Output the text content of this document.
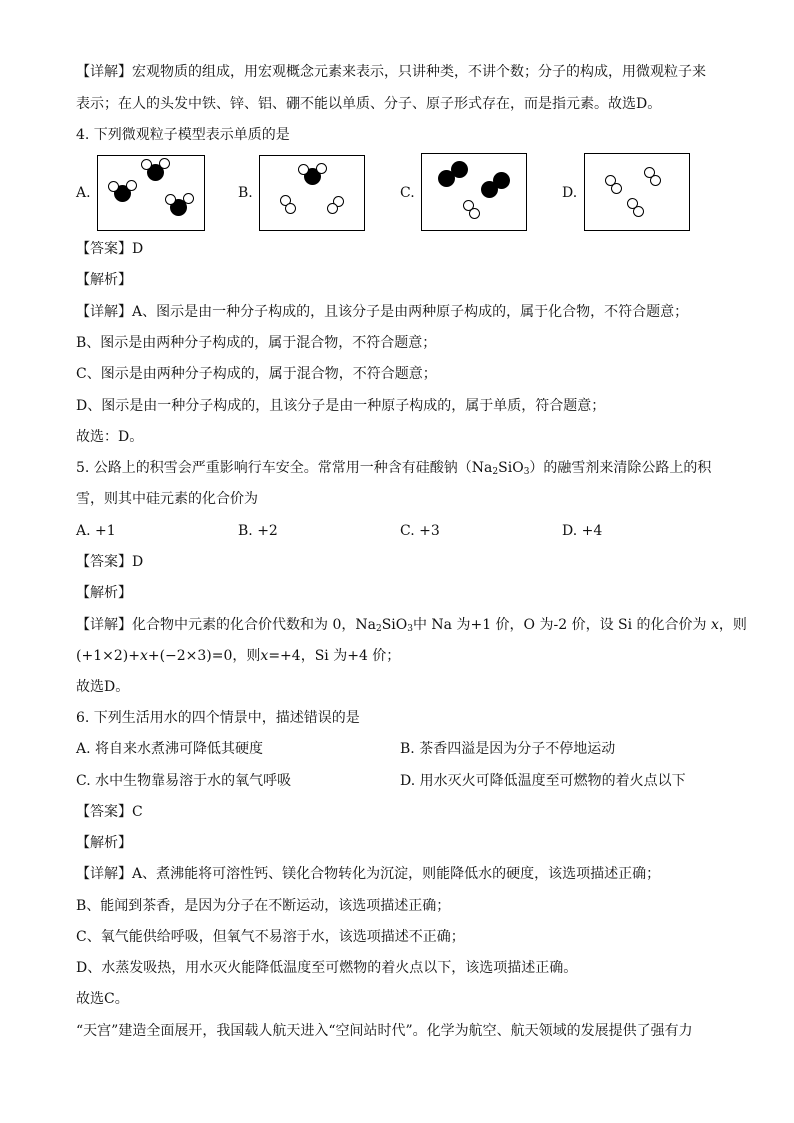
【详解】宏观物质的组成，用宏观概念元素来表示，只讲种类，不讲个数；分子的构成，用微观粒子来
表示；在人的头发中铁、锌、铝、硼不能以单质、分子、原子形式存在，而是指元素。故选D。
4. 下列微观粒子模型表示单质的是
A.	B.	C.	D.
【答案】D
【解析】
【详解】A、图示是由一种分子构成的，且该分子是由两种原子构成的，属于化合物，不符合题意；
B、图示是由两种分子构成的，属于混合物，不符合题意；
C、图示是由两种分子构成的，属于混合物，不符合题意；
D、图示是由一种分子构成的，且该分子是由一种原子构成的，属于单质，符合题意；
故选：D。
5. 公路上的积雪会严重影响行车安全。常常用一种含有硅酸钠$(Na_2SiO_3)$的融雪剂来清除公路上的积
雪，则其中硅元素的化合价为
A. +1	B. +2	C. +3	D. +4
【答案】D
【解析】
【详解】化合物中元素的化合价代数和为 0，$Na_2SiO_3$中 Na 为+1 价，O 为-2 价，设 Si 的化合价为 x，则
(+1×2)+x+(−2×3)=0，则x=+4，Si 为+4 价；
故选D。
6. 下列生活用水的四个情景中，描述错误的是
A. 将自来水煮沸可降低其硬度	B. 茶香四溢是因为分子不停地运动
C. 水中生物靠易溶于水的氧气呼吸	D. 用水灭火可降低温度至可燃物的着火点以下
【答案】C
【解析】
【详解】A、煮沸能将可溶性钙、镁化合物转化为沉淀，则能降低水的硬度，该选项描述正确；
B、能闻到茶香，是因为分子在不断运动，该选项描述正确；
C、氧气能供给呼吸，但氧气不易溶于水，该选项描述不正确；
D、水蒸发吸热，用水灭火能降低温度至可燃物的着火点以下，该选项描述正确。
故选C。
“天宫”建造全面展开，我国载人航天进入“空间站时代”。化学为航空、航天领域的发展提供了强有力
